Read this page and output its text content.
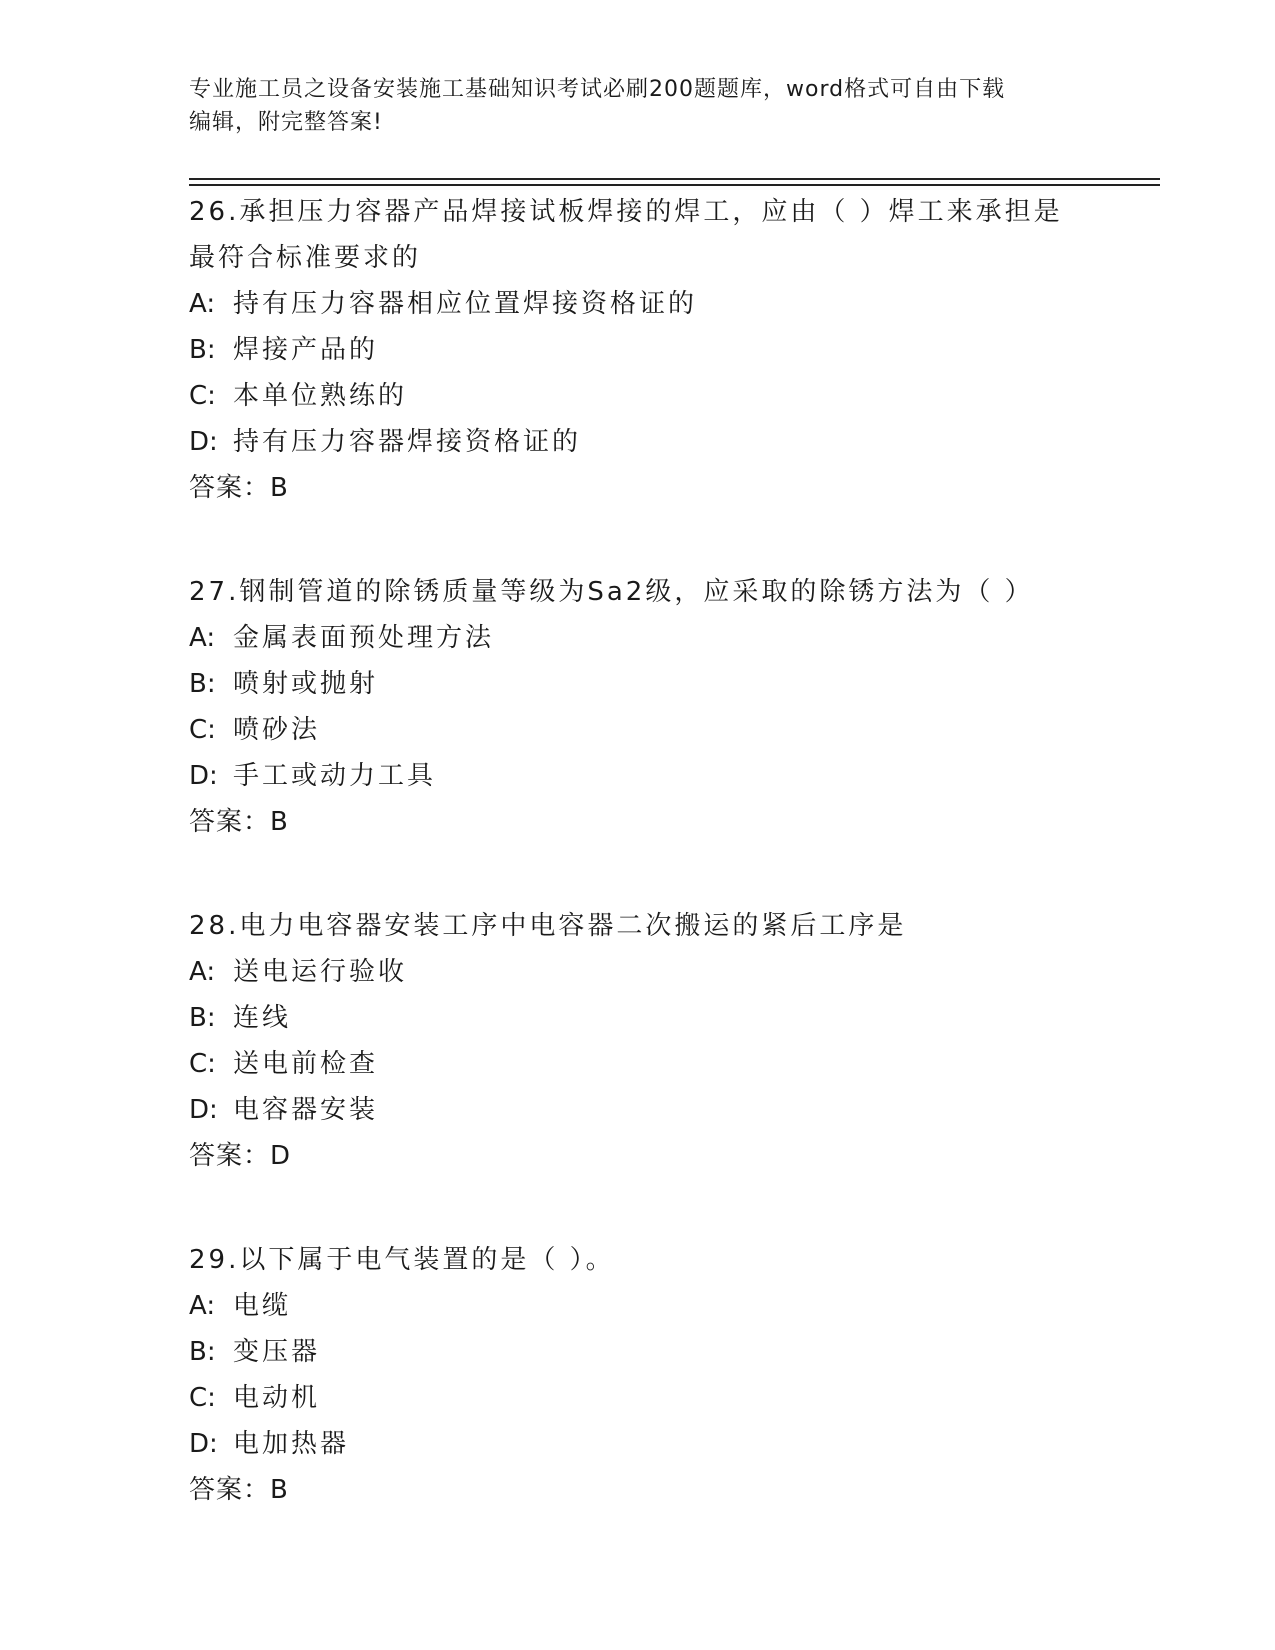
专业施工员之设备安装施工基础知识考试必刷200题题库，word格式可自由下载
编辑，附完整答案!
26.承担压力容器产品焊接试板焊接的焊工，应由（ ）焊工来承担是
最符合标准要求的
A: 持有压力容器相应位置焊接资格证的
B: 焊接产品的
C: 本单位熟练的
D: 持有压力容器焊接资格证的
答案：B
27.钢制管道的除锈质量等级为Sa2级，应采取的除锈方法为（ ）
A: 金属表面预处理方法
B: 喷射或抛射
C: 喷砂法
D: 手工或动力工具
答案：B
28.电力电容器安装工序中电容器二次搬运的紧后工序是
A: 送电运行验收
B: 连线
C: 送电前检查
D: 电容器安装
答案：D
29.以下属于电气装置的是（ ）。
A: 电缆
B: 变压器
C: 电动机
D: 电加热器
答案：B
